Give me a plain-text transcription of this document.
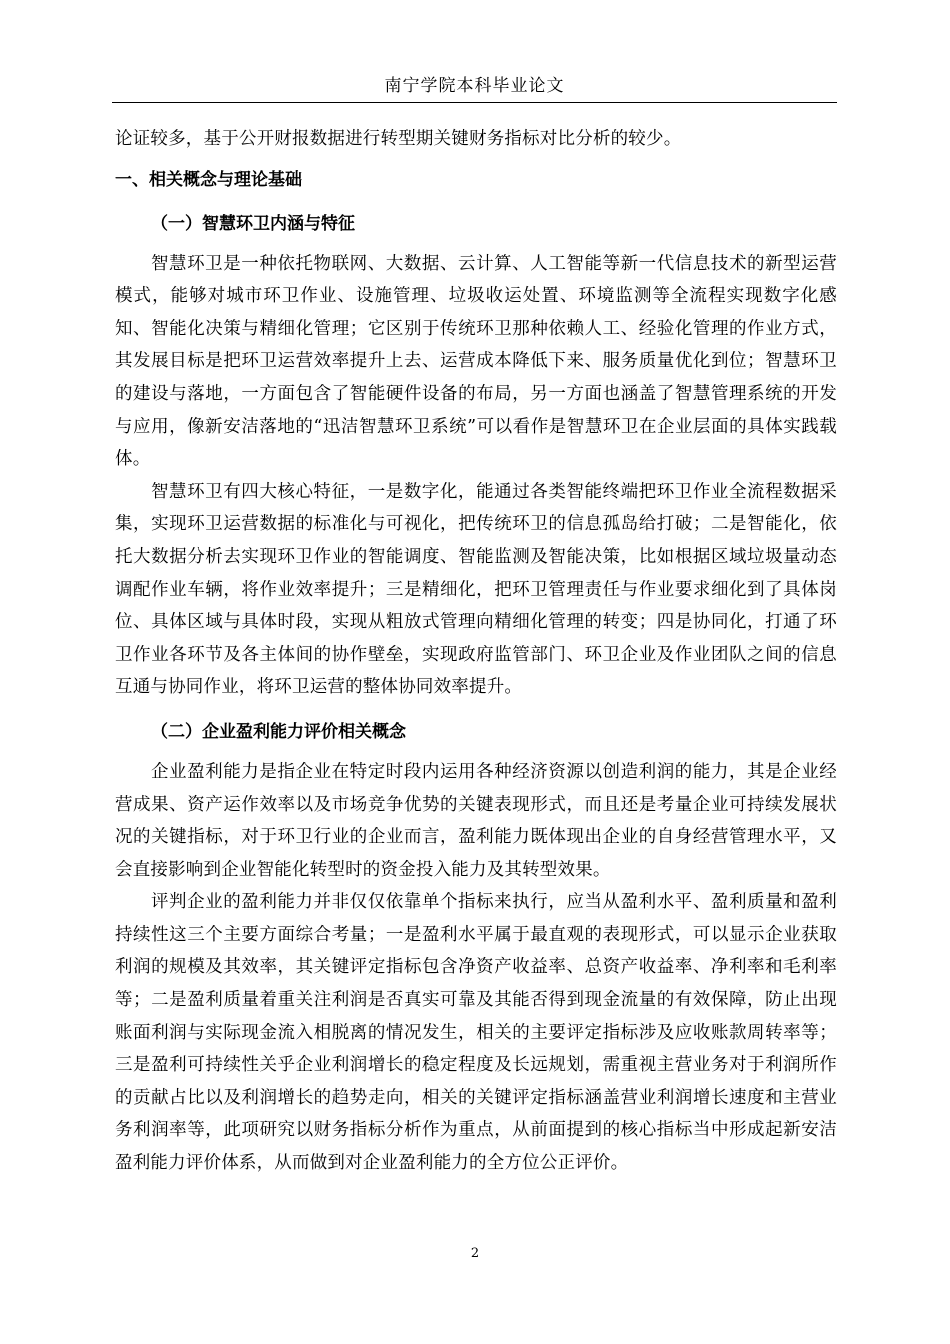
南宁学院本科毕业论文

论证较多，基于公开财报数据进行转型期关键财务指标对比分析的较少。

一、相关概念与理论基础
（一）智慧环卫内涵与特征

智慧环卫是一种依托物联网、大数据、云计算、人工智能等新一代信息技术的新型运营模式，能够对城市环卫作业、设施管理、垃圾收运处置、环境监测等全流程实现数字化感知、智能化决策与精细化管理；它区别于传统环卫那种依赖人工、经验化管理的作业方式，其发展目标是把环卫运营效率提升上去、运营成本降低下来、服务质量优化到位；智慧环卫的建设与落地，一方面包含了智能硬件设备的布局，另一方面也涵盖了智慧管理系统的开发与应用，像新安洁落地的“迅洁智慧环卫系统”可以看作是智慧环卫在企业层面的具体实践载体。

智慧环卫有四大核心特征，一是数字化，能通过各类智能终端把环卫作业全流程数据采集，实现环卫运营数据的标准化与可视化，把传统环卫的信息孤岛给打破；二是智能化，依托大数据分析去实现环卫作业的智能调度、智能监测及智能决策，比如根据区域垃圾量动态调配作业车辆，将作业效率提升；三是精细化，把环卫管理责任与作业要求细化到了具体岗位、具体区域与具体时段，实现从粗放式管理向精细化管理的转变；四是协同化，打通了环卫作业各环节及各主体间的协作壁垒，实现政府监管部门、环卫企业及作业团队之间的信息互通与协同作业，将环卫运营的整体协同效率提升。

（二）企业盈利能力评价相关概念

企业盈利能力是指企业在特定时段内运用各种经济资源以创造利润的能力，其是企业经营成果、资产运作效率以及市场竞争优势的关键表现形式，而且还是考量企业可持续发展状况的关键指标，对于环卫行业的企业而言，盈利能力既体现出企业的自身经营管理水平，又会直接影响到企业智能化转型时的资金投入能力及其转型效果。

评判企业的盈利能力并非仅仅依靠单个指标来执行，应当从盈利水平、盈利质量和盈利持续性这三个主要方面综合考量；一是盈利水平属于最直观的表现形式，可以显示企业获取利润的规模及其效率，其关键评定指标包含净资产收益率、总资产收益率、净利率和毛利率等；二是盈利质量着重关注利润是否真实可靠及其能否得到现金流量的有效保障，防止出现账面利润与实际现金流入相脱离的情况发生，相关的主要评定指标涉及应收账款周转率等；三是盈利可持续性关乎企业利润增长的稳定程度及长远规划，需重视主营业务对于利润所作的贡献占比以及利润增长的趋势走向，相关的关键评定指标涵盖营业利润增长速度和主营业务利润率等，此项研究以财务指标分析作为重点，从前面提到的核心指标当中形成起新安洁盈利能力评价体系，从而做到对企业盈利能力的全方位公正评价。

2
